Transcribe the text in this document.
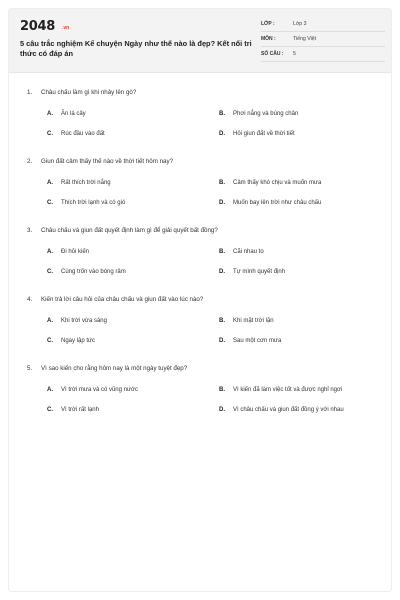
2048 .vn
5 câu trắc nghiệm Kể chuyện Ngày như thế nào là đẹp? Kết nối tri thức có đáp án
LỚP :	Lớp 3
MÔN :	Tiếng Việt
SỐ CÂU :	5
1.	Châu chấu làm gì khi nhảy lên gò?
A.	Ăn lá cây	B.	Phơi nắng và búng chân
C.	Rúc đầu vào đất	D.	Hỏi giun đất về thời tiết
2.	Giun đất cảm thấy thế nào về thời tiết hôm nay?
A.	Rất thích trời nắng	B.	Cảm thấy khó chịu và muốn mưa
C.	Thích trời lạnh và có gió	D.	Muốn bay lên trời như châu chấu
3.	Châu chấu và giun đất quyết định làm gì để giải quyết bất đồng?
A.	Đi hỏi kiến	B.	Cãi nhau to
C.	Cùng trốn vào bóng râm	D.	Tự mình quyết định
4.	Kiến trả lời câu hỏi của châu chấu và giun đất vào lúc nào?
A.	Khi trời vừa sáng	B.	Khi mặt trời lặn
C.	Ngay lập tức	D.	Sau một cơn mưa
5.	Vì sao kiến cho rằng hôm nay là một ngày tuyệt đẹp?
A.	Vì trời mưa và có vũng nước	B.	Vì kiến đã làm việc tốt và được nghỉ ngơi
C.	Vì trời rất lạnh	D.	Vì châu chấu và giun đất đồng ý với nhau
